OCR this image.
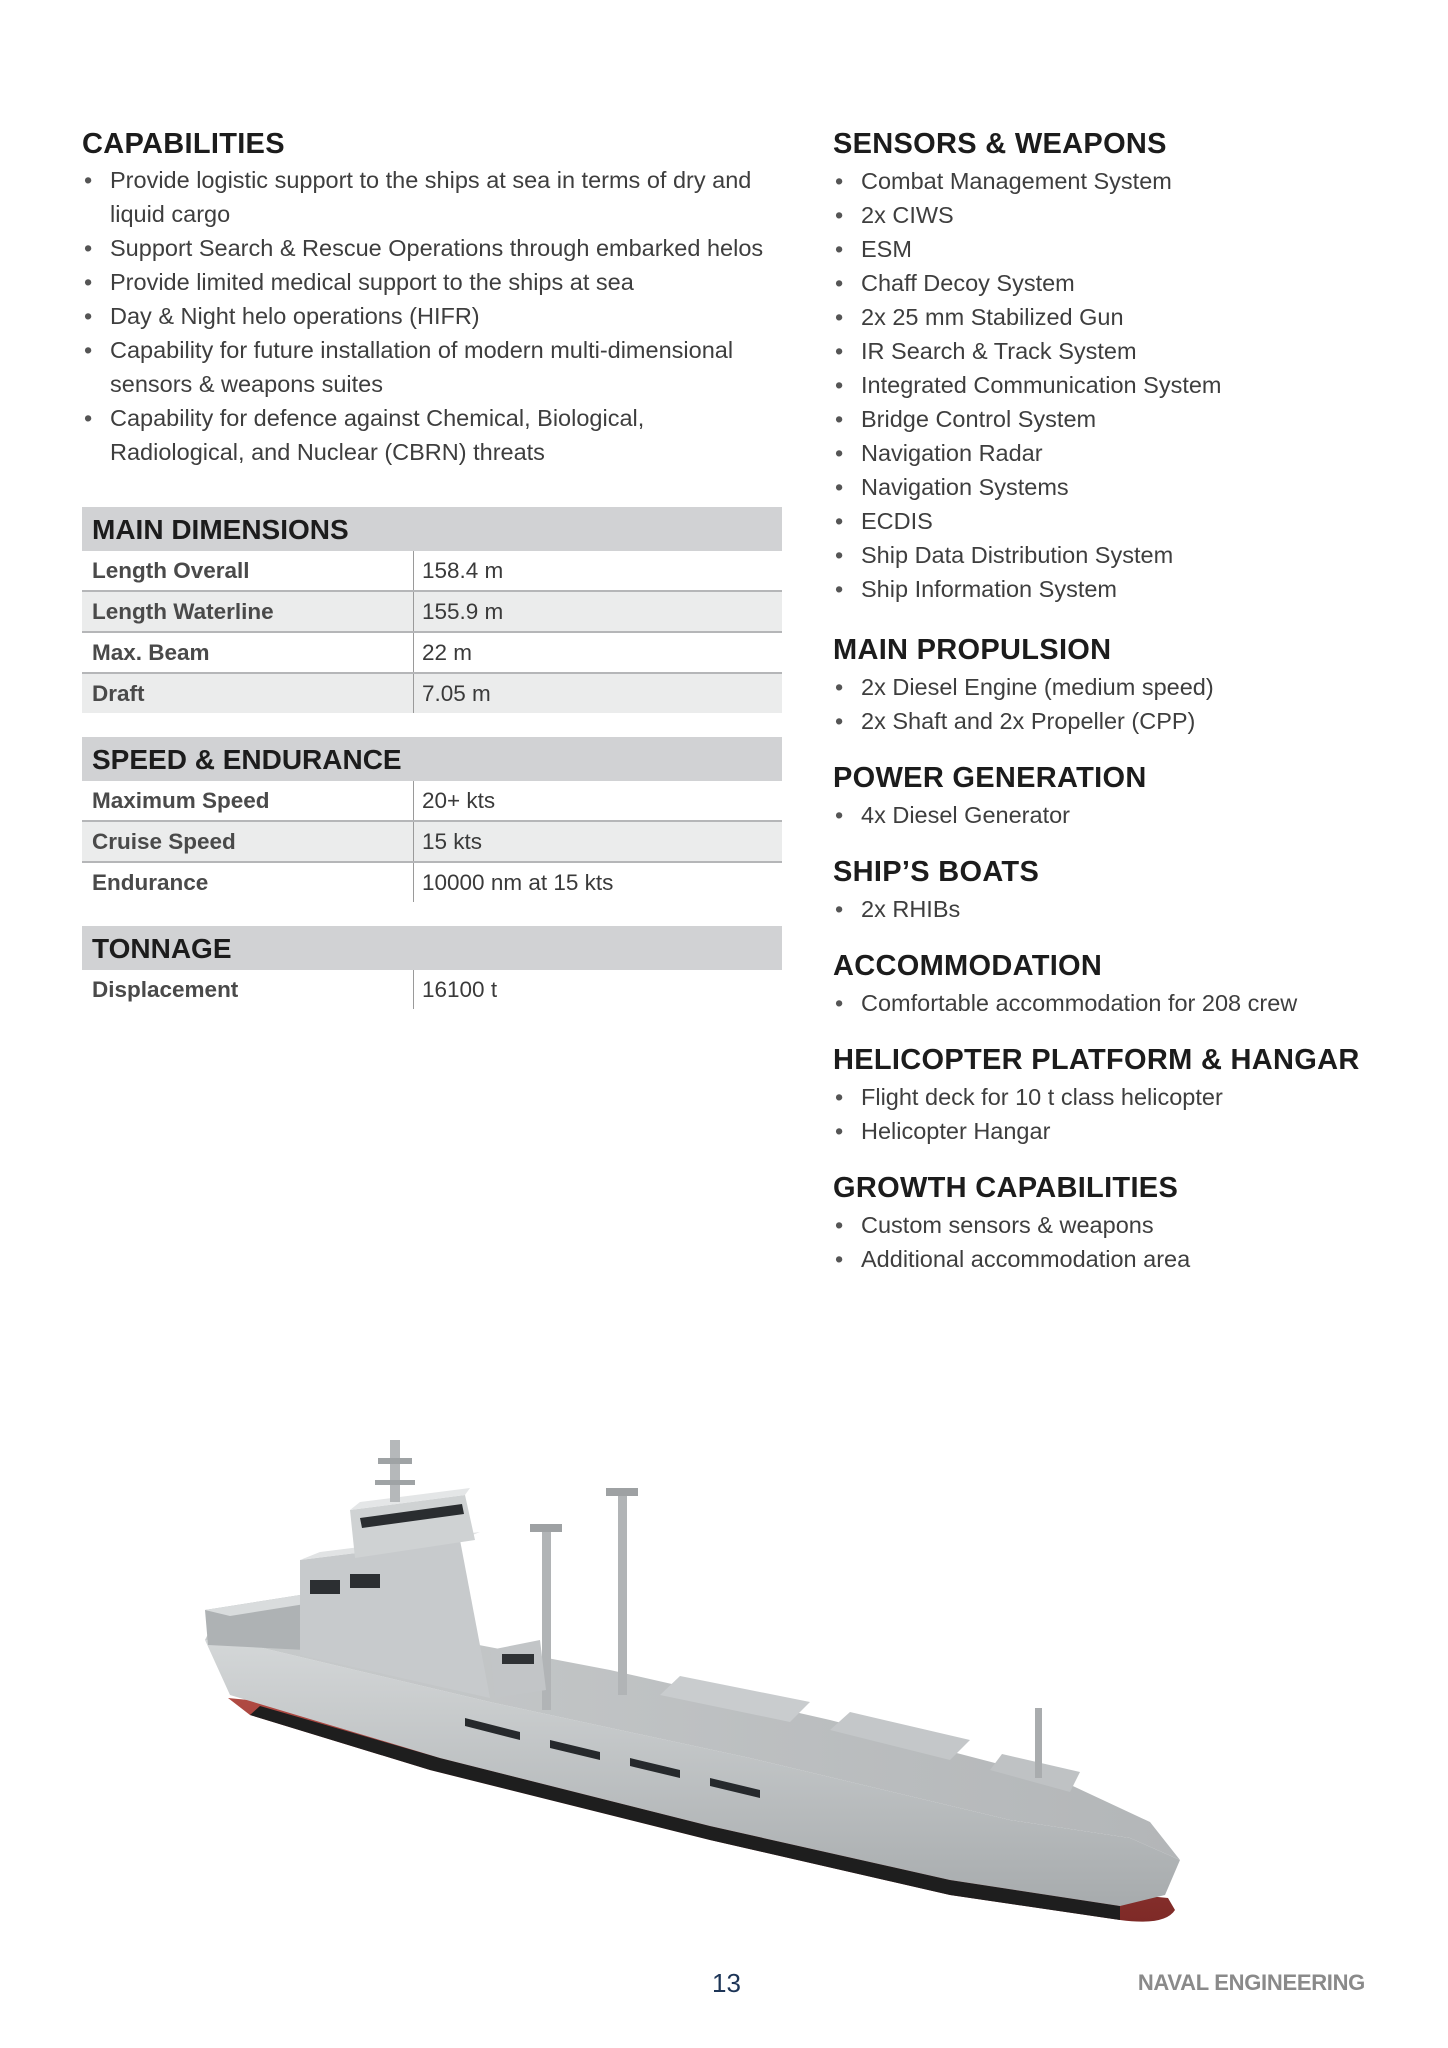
CAPABILITIES
• Provide logistic support to the ships at sea in terms of dry and liquid cargo
• Support Search & Rescue Operations through embarked helos
• Provide limited medical support to the ships at sea
• Day & Night helo operations (HIFR)
• Capability for future installation of modern multi-dimensional sensors & weapons suites
• Capability for defence against Chemical, Biological, Radiological, and Nuclear (CBRN) threats
MAIN DIMENSIONS
Length Overall	158.4 m
Length Waterline	155.9 m
Max. Beam	22 m
Draft	7.05 m
SPEED & ENDURANCE
Maximum Speed	20+ kts
Cruise Speed	15 kts
Endurance	10000 nm at 15 kts
TONNAGE
Displacement	16100 t
SENSORS & WEAPONS
• Combat Management System
• 2x CIWS
• ESM
• Chaff Decoy System
• 2x 25 mm Stabilized Gun
• IR Search & Track System
• Integrated Communication System
• Bridge Control System
• Navigation Radar
• Navigation Systems
• ECDIS
• Ship Data Distribution System
• Ship Information System
MAIN PROPULSION
• 2x Diesel Engine (medium speed)
• 2x Shaft and 2x Propeller (CPP)
POWER GENERATION
• 4x Diesel Generator
SHIP’S BOATS
• 2x RHIBs
ACCOMMODATION
• Comfortable accommodation for 208 crew
HELICOPTER PLATFORM & HANGAR
• Flight deck for 10 t class helicopter
• Helicopter Hangar
GROWTH CAPABILITIES
• Custom sensors & weapons
• Additional accommodation area
13	NAVAL ENGINEERING
